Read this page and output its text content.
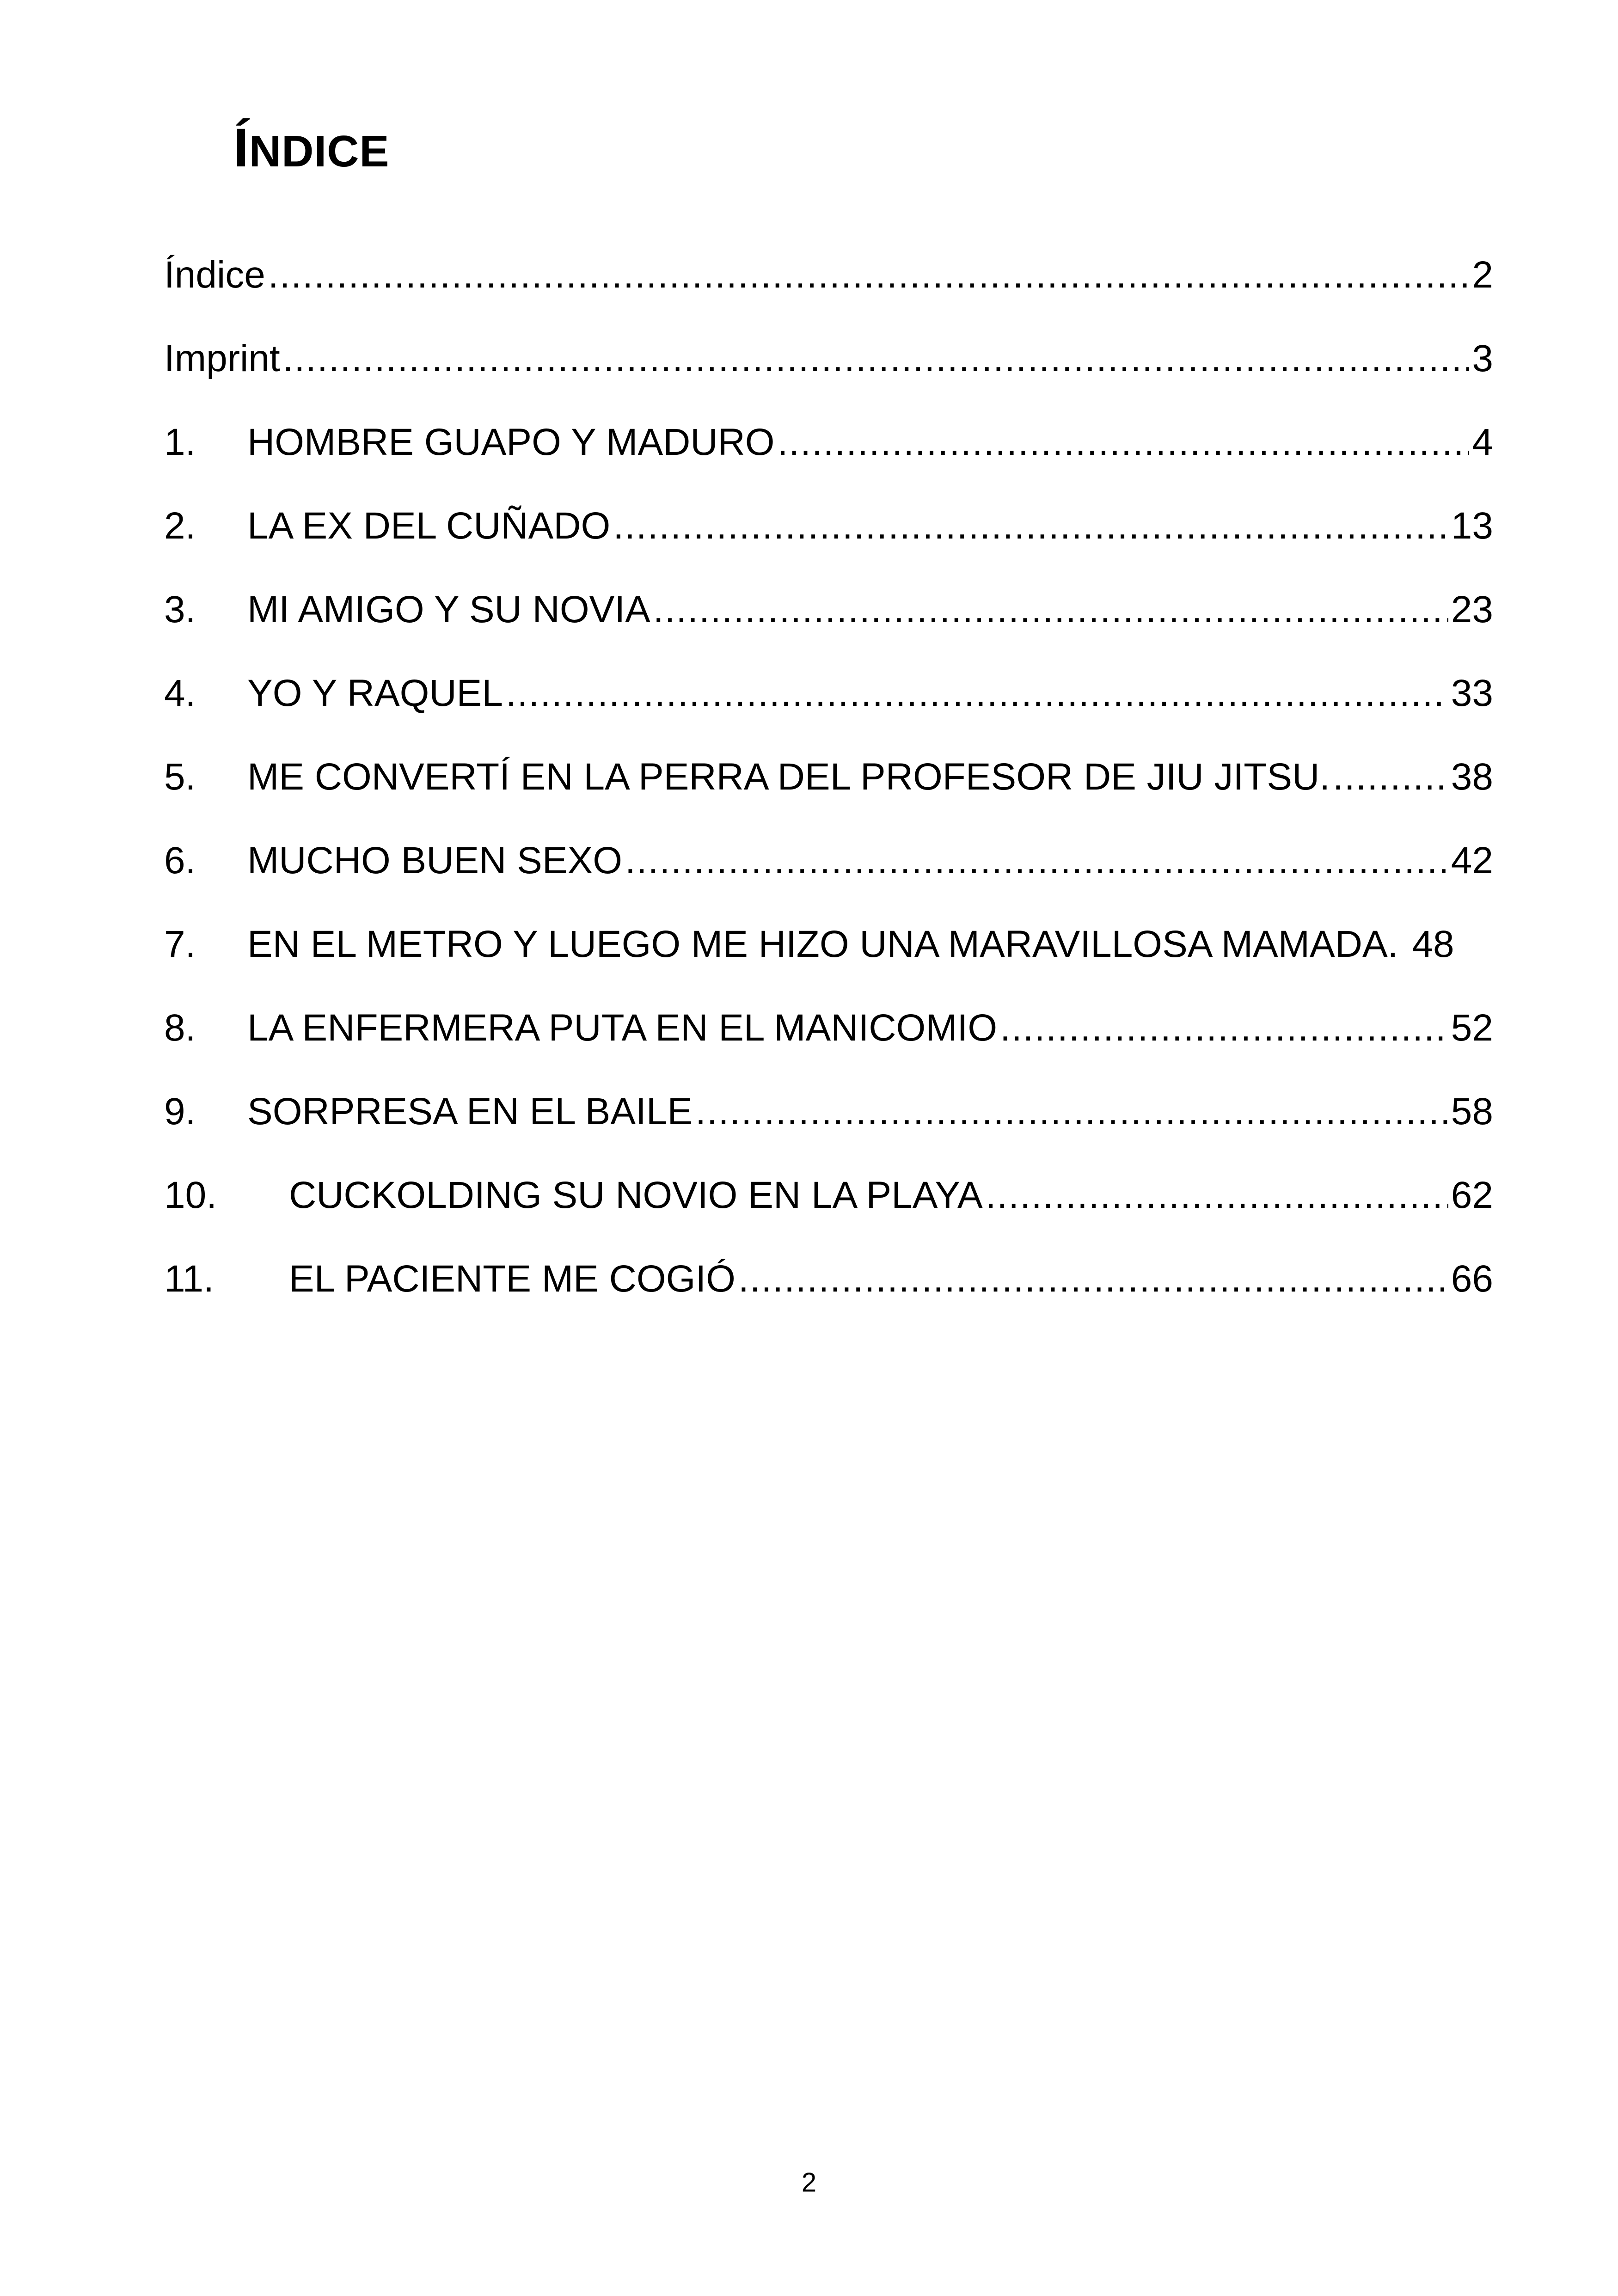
ÍNDICE
Índice .....	2
Imprint .....	3
1.	HOMBRE GUAPO Y MADURO .....	4
2.	LA EX DEL CUÑADO .....	13
3.	MI AMIGO Y SU NOVIA .....	23
4.	YO Y RAQUEL .....	33
5.	ME CONVERTÍ EN LA PERRA DEL PROFESOR DE JIU JITSU. .....	38
6.	MUCHO BUEN SEXO .....	42
7.	EN EL METRO Y LUEGO ME HIZO UNA MARAVILLOSA MAMADA. 48
8.	LA ENFERMERA PUTA EN EL MANICOMIO .....	52
9.	SORPRESA EN EL BAILE .....	58
10.	CUCKOLDING SU NOVIO EN LA PLAYA .....	62
11.	EL PACIENTE ME COGIÓ .....	66
2
